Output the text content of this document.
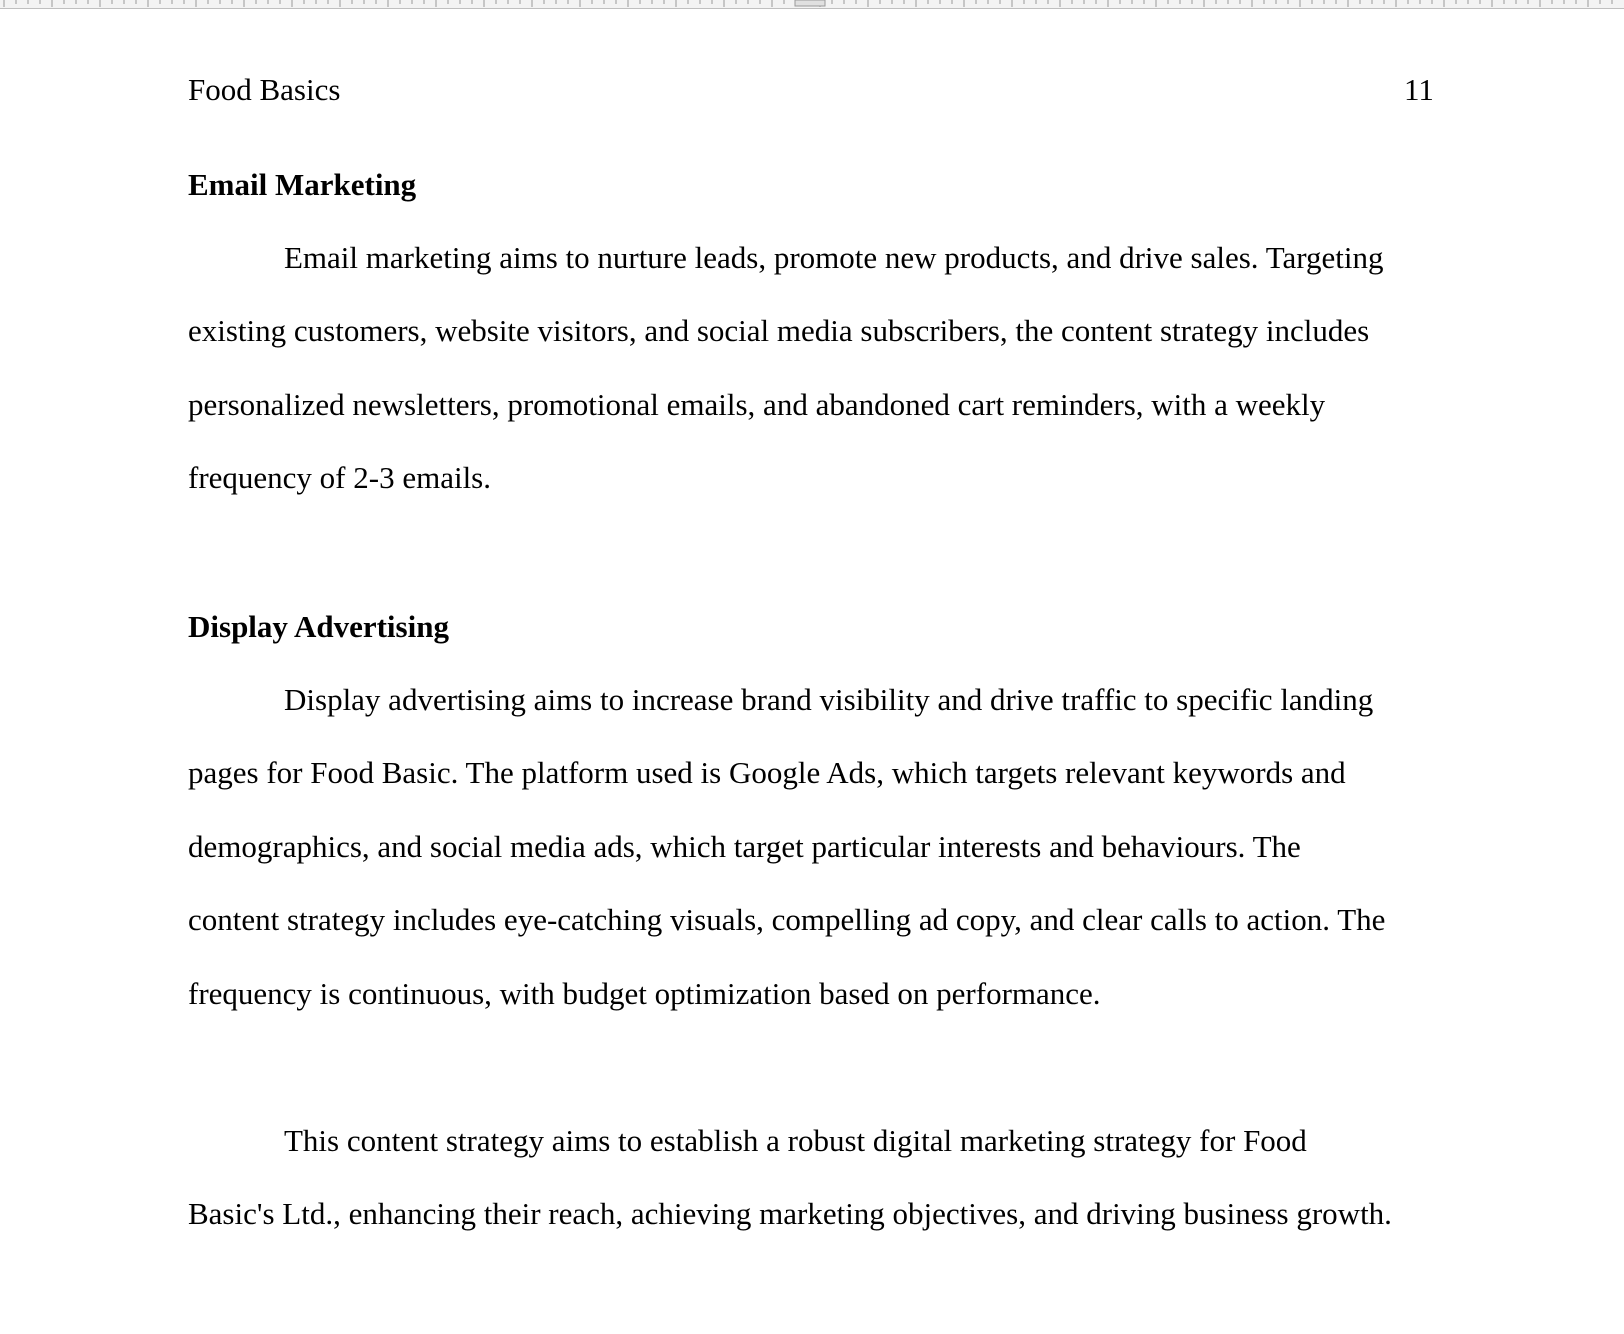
Food Basics	11
Email Marketing
Email marketing aims to nurture leads, promote new products, and drive sales. Targeting
existing customers, website visitors, and social media subscribers, the content strategy includes
personalized newsletters, promotional emails, and abandoned cart reminders, with a weekly
frequency of 2-3 emails.
Display Advertising
Display advertising aims to increase brand visibility and drive traffic to specific landing
pages for Food Basic. The platform used is Google Ads, which targets relevant keywords and
demographics, and social media ads, which target particular interests and behaviours. The
content strategy includes eye-catching visuals, compelling ad copy, and clear calls to action. The
frequency is continuous, with budget optimization based on performance.
This content strategy aims to establish a robust digital marketing strategy for Food
Basic's Ltd., enhancing their reach, achieving marketing objectives, and driving business growth.
